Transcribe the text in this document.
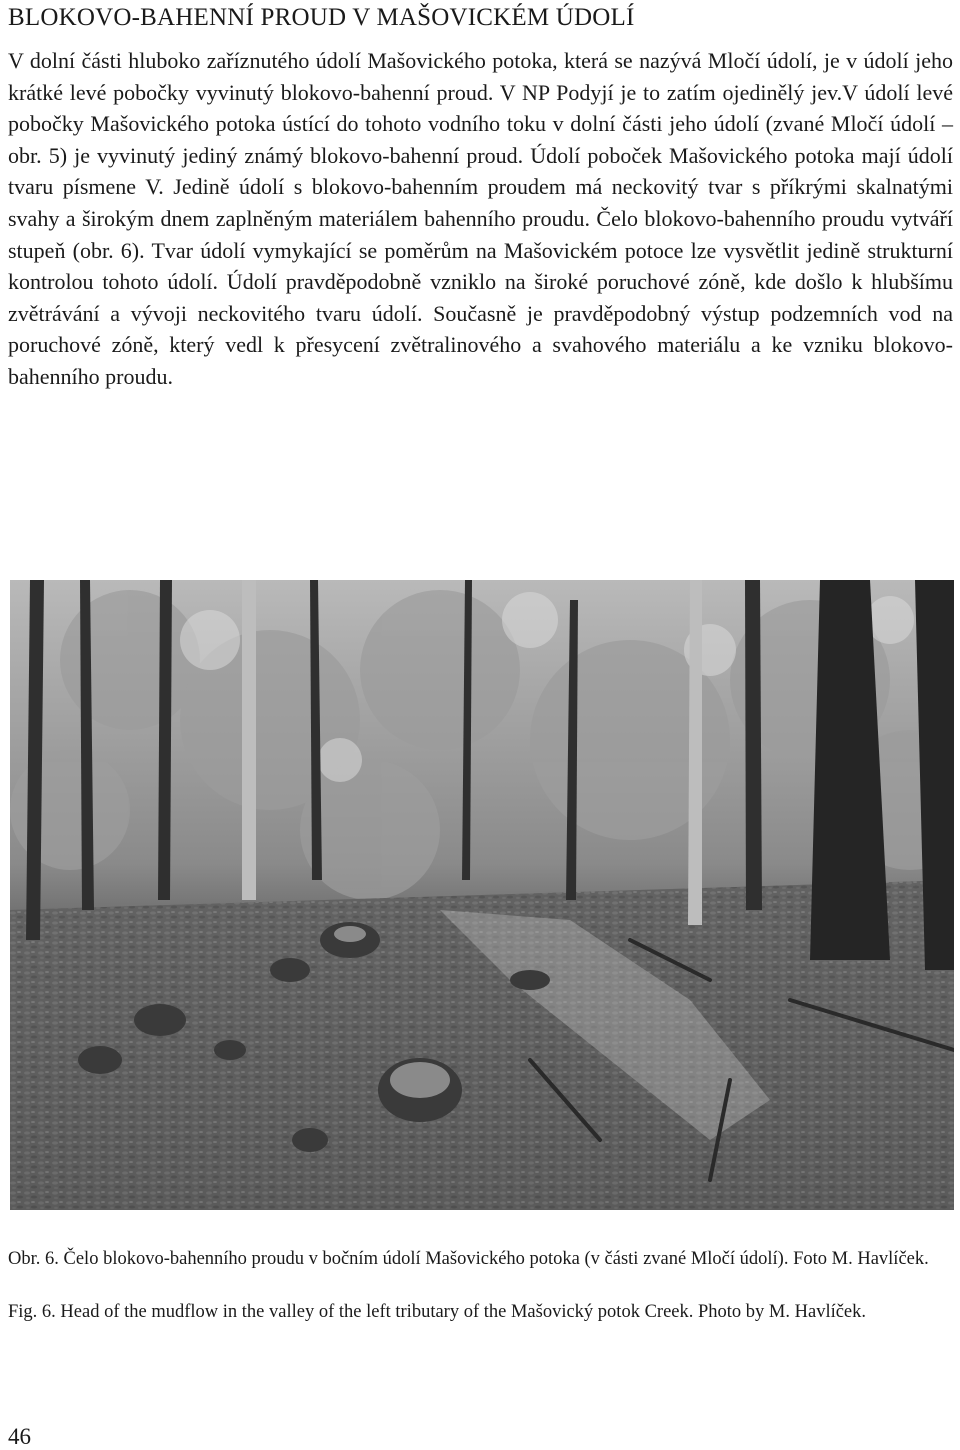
BLOKOVO-BAHENNÍ PROUD V MAŠOVICKÉM ÚDOLÍ
V dolní části hluboko zaříznutého údolí Mašovického potoka, která se nazývá Mločí údolí, je v údolí jeho krátké levé pobočky vyvinutý blokovo-bahenní proud. V NP Podyjí je to zatím ojedinělý jev.V údolí levé pobočky Mašovického potoka ústící do tohoto vodního toku v dolní části jeho údolí (zvané Mločí údolí – obr. 5) je vyvinutý jediný známý blokovo-bahenní proud. Údolí poboček Mašovického potoka mají údolí tvaru písmene V. Jedině údolí s blokovo-bahenním proudem má neckovitý tvar s příkrými skalnatými svahy a širokým dnem zaplněným materiálem bahenního proudu. Čelo blokovo-bahenního proudu vytváří stupeň (obr. 6). Tvar údolí vymykající se poměrům na Mašovickém potoce lze vysvětlit jedině strukturní kontrolou tohoto údolí. Údolí pravděpodobně vzniklo na široké poruchové zóně, kde došlo k hlubšímu zvětrávání a vývoji neckovitého tvaru údolí. Současně je pravděpodobný výstup podzemních vod na poruchové zóně, který vedl k přesycení zvětralinového a svahového materiálu a ke vzniku blokovo-bahenního proudu.
Obr. 6. Čelo blokovo-bahenního proudu v bočním údolí Mašovického potoka (v části zvané Mločí údolí). Foto M. Havlíček.
Fig. 6. Head of the mudflow in the valley of the left tributary of the Mašovický potok Creek. Photo by M. Havlíček.
46
